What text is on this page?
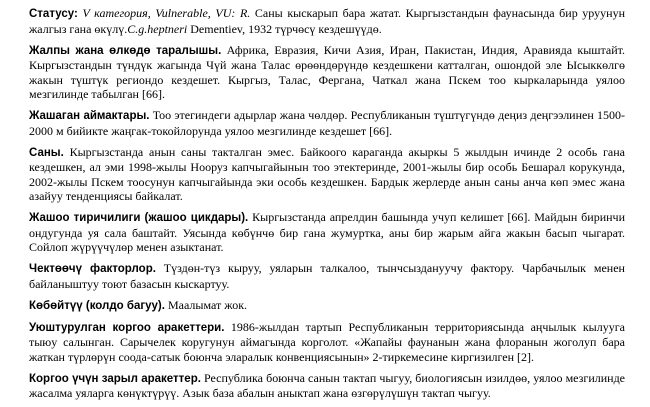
Статусу: V категория, Vulnerable, VU: R. Саны кыскарып бара жатат. Кыргызстандын фаунасында бир уруунун жалгыз гана өкүлү.C.g.heptneri Dementiev, 1932 түрчөсү кездешүүдө.

Жалпы жана өлкөдө таралышы. Африка, Евразия, Кичи Азия, Иран, Пакистан, Индия, Аравияда кыштайт. Кыргызстандын түндүк жагында Чүй жана Талас өрөөндөрүндө кездешкени катталган, ошондой эле Ысыккөлгө жакын түштүк региондо кездешет. Кыргыз, Талас, Фергана, Чаткал жана Пскем тоо кыркаларында уялоо мезгилинде табылган [66].

Жашаган аймактары. Тоо этегиндеги адырлар жана чөлдөр. Республиканын түштүгүндө деңиз деңгээлинен 1500-2000 м бийикте жаңгак-токойлорунда уялоо мезгилинде кездешет [66].

Саны. Кыргызстанда анын саны такталган эмес. Байкоого караганда акыркы 5 жылдын ичинде 2 особь гана кездешкен, ал эми 1998-жылы Нооруз капчыгайынын тоо этектеринде, 2001-жылы бир особь Бешарал корукунда, 2002-жылы Пскем тоосунун капчыгайында эки особь кездешкен. Бардык жерлерде анын саны анча көп эмес жана азайуу тенденциясы байкалат.

Жашоо тиричилиги (жашоо цикдары). Кыргызстанда апрелдин башында учуп келишет [66]. Майдын биринчи ондугунда уя сала баштайт. Уясында көбүнчө бир гана жумуртка, аны бир жарым айга жакын басып чыгарат. Сойлоп жүрүүчүлөр менен азыктанат.

Чектөөчү факторлор. Түздөн-түз кыруу, уяларын талкалоо, тынчсыздануучу фактору. Чарбачылык менен байланыштуу тоют базасын кыскартуу.

Көбөйтүү (колдо багуу). Маалымат жок.

Уюштурулган коргоо аракеттери. 1986-жылдан тартып Республиканын территориясында аңчылык кылууга тыюу салынган. Сарычелек коругунун аймагында корголот. «Жапайы фаунанын жана флоранын жоголуп бара жаткан түрлөрүн соода-сатык боюнча эларалык конвенциясынын» 2-тиркемесине киргизилген [2].

Коргоо үчүн зарыл аракеттер. Республика боюнча санын тактап чыгуу, биологиясын изилдөө, уялоо мезгилинде жасалма уяларга көнүктүрүү. Азык база абалын аныктап жана өзгөрүлүшүн тактап чыгуу.
